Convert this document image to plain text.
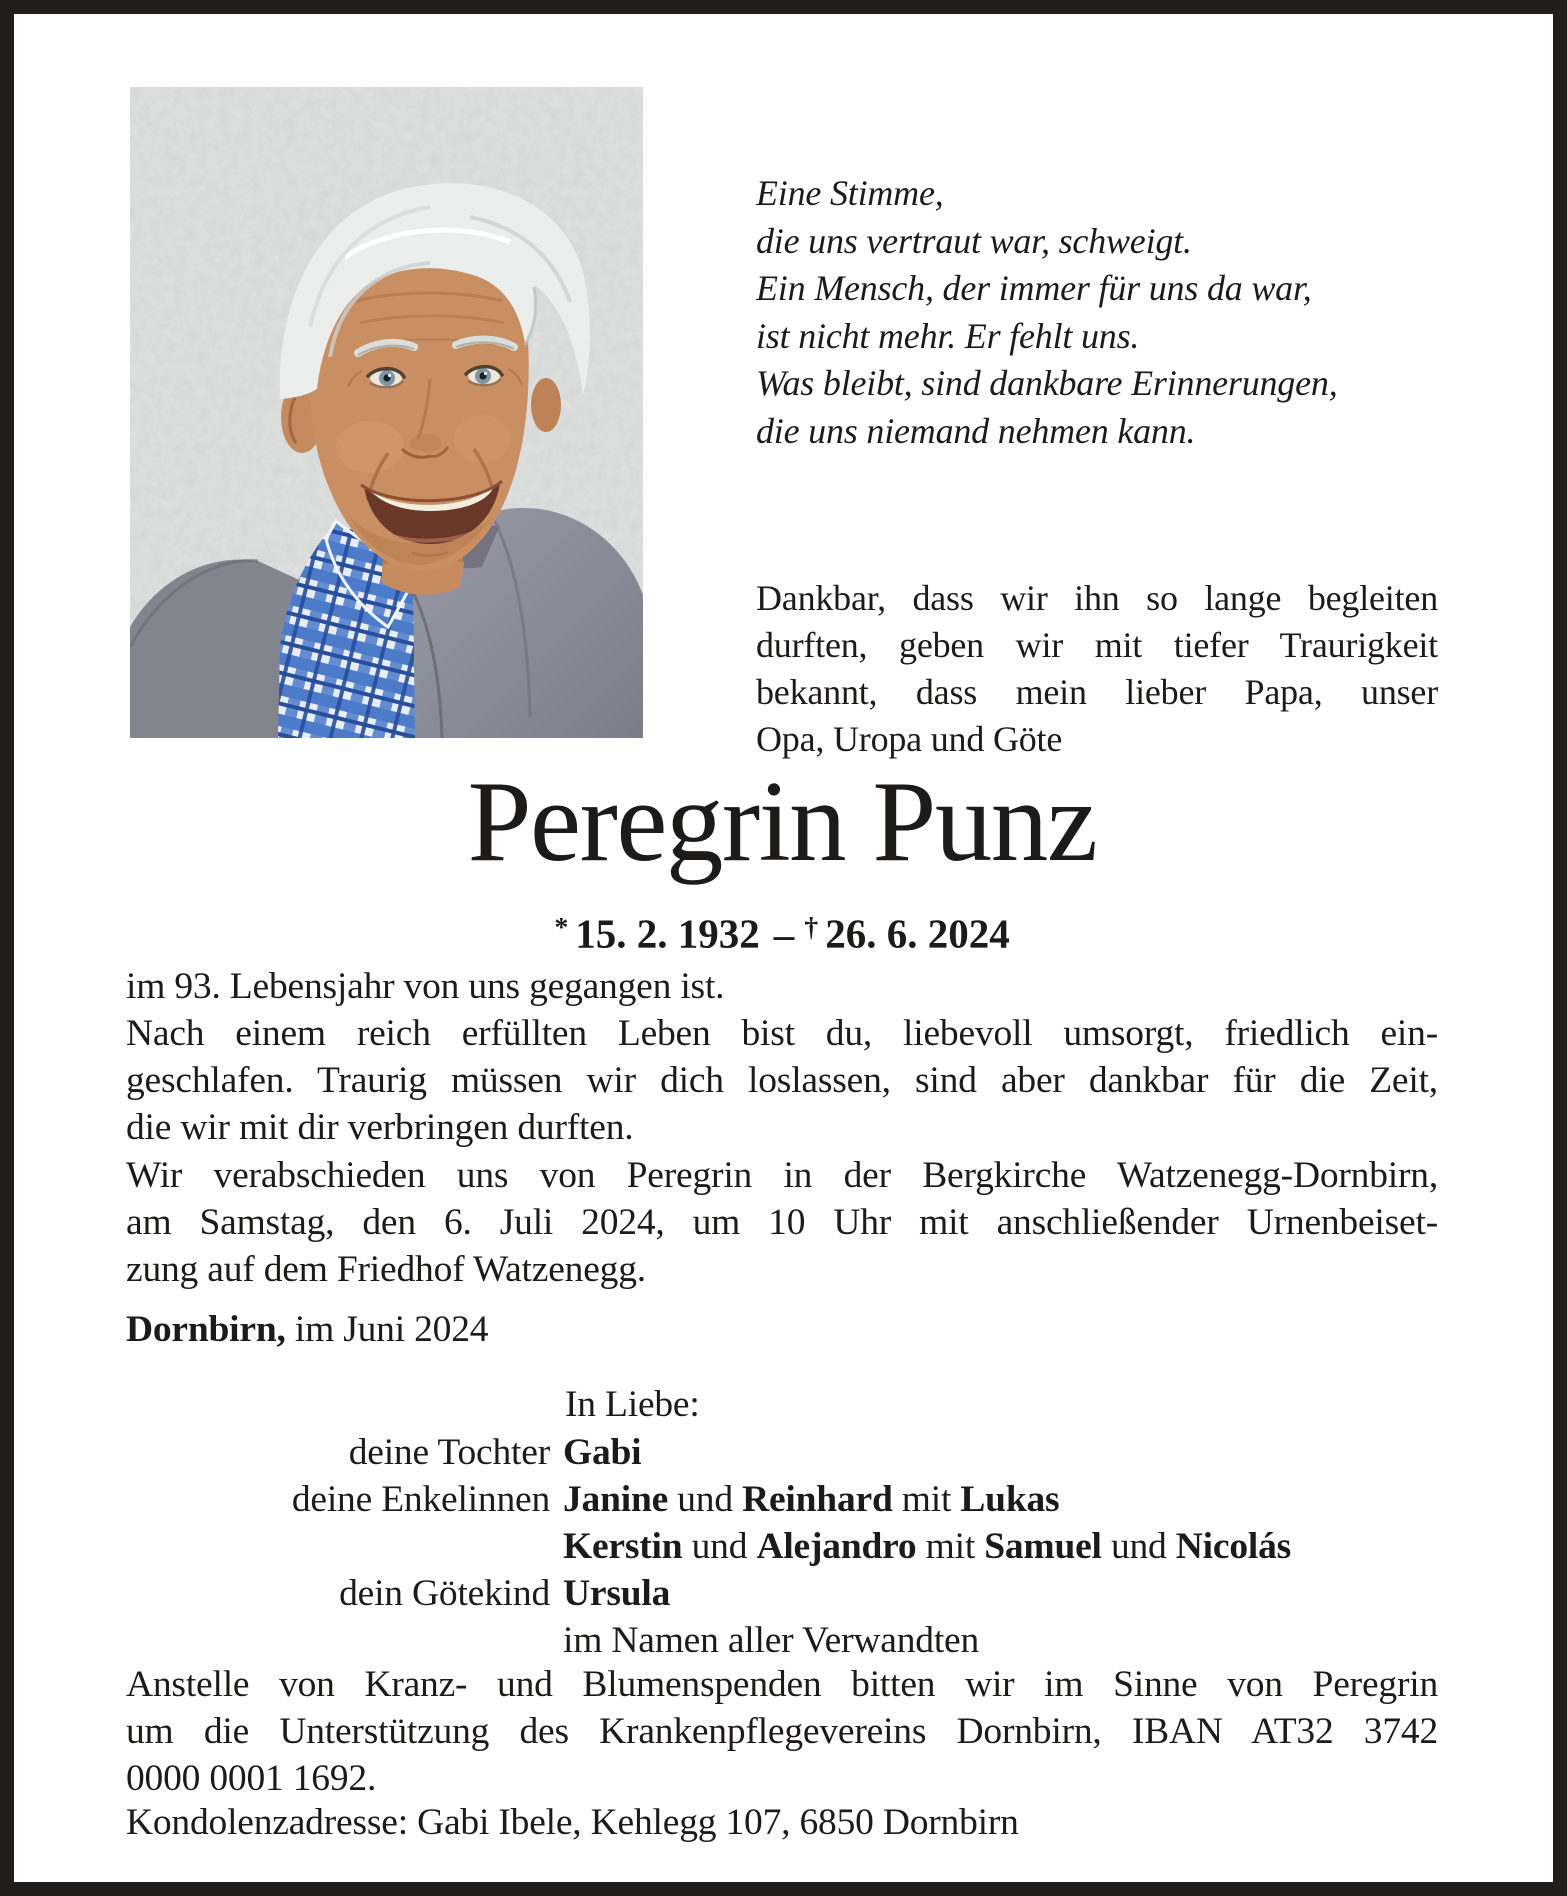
Eine Stimme,
die uns vertraut war, schweigt.
Ein Mensch, der immer für uns da war,
ist nicht mehr. Er fehlt uns.
Was bleibt, sind dankbare Erinnerungen,
die uns niemand nehmen kann.
Dankbar, dass wir ihn so lange begleiten
durften, geben wir mit tiefer Traurigkeit
bekannt, dass mein lieber Papa, unser
Opa, Uropa und Göte
Peregrin Punz
* 15. 2. 1932 – † 26. 6. 2024
im 93. Lebensjahr von uns gegangen ist.
Nach einem reich erfüllten Leben bist du, liebevoll umsorgt, friedlich ein-
geschlafen. Traurig müssen wir dich loslassen, sind aber dankbar für die Zeit,
die wir mit dir verbringen durften.
Wir verabschieden uns von Peregrin in der Bergkirche Watzenegg-Dornbirn,
am Samstag, den 6. Juli 2024, um 10 Uhr mit anschließender Urnenbeiset-
zung auf dem Friedhof Watzenegg.
Dornbirn, im Juni 2024
In Liebe:
deine Tochter Gabi
deine Enkelinnen Janine und Reinhard mit Lukas
Kerstin und Alejandro mit Samuel und Nicolás
dein Götekind Ursula
im Namen aller Verwandten
Anstelle von Kranz- und Blumenspenden bitten wir im Sinne von Peregrin
um die Unterstützung des Krankenpflegevereins Dornbirn, IBAN AT32 3742
0000 0001 1692.
Kondolenzadresse: Gabi Ibele, Kehlegg 107, 6850 Dornbirn
